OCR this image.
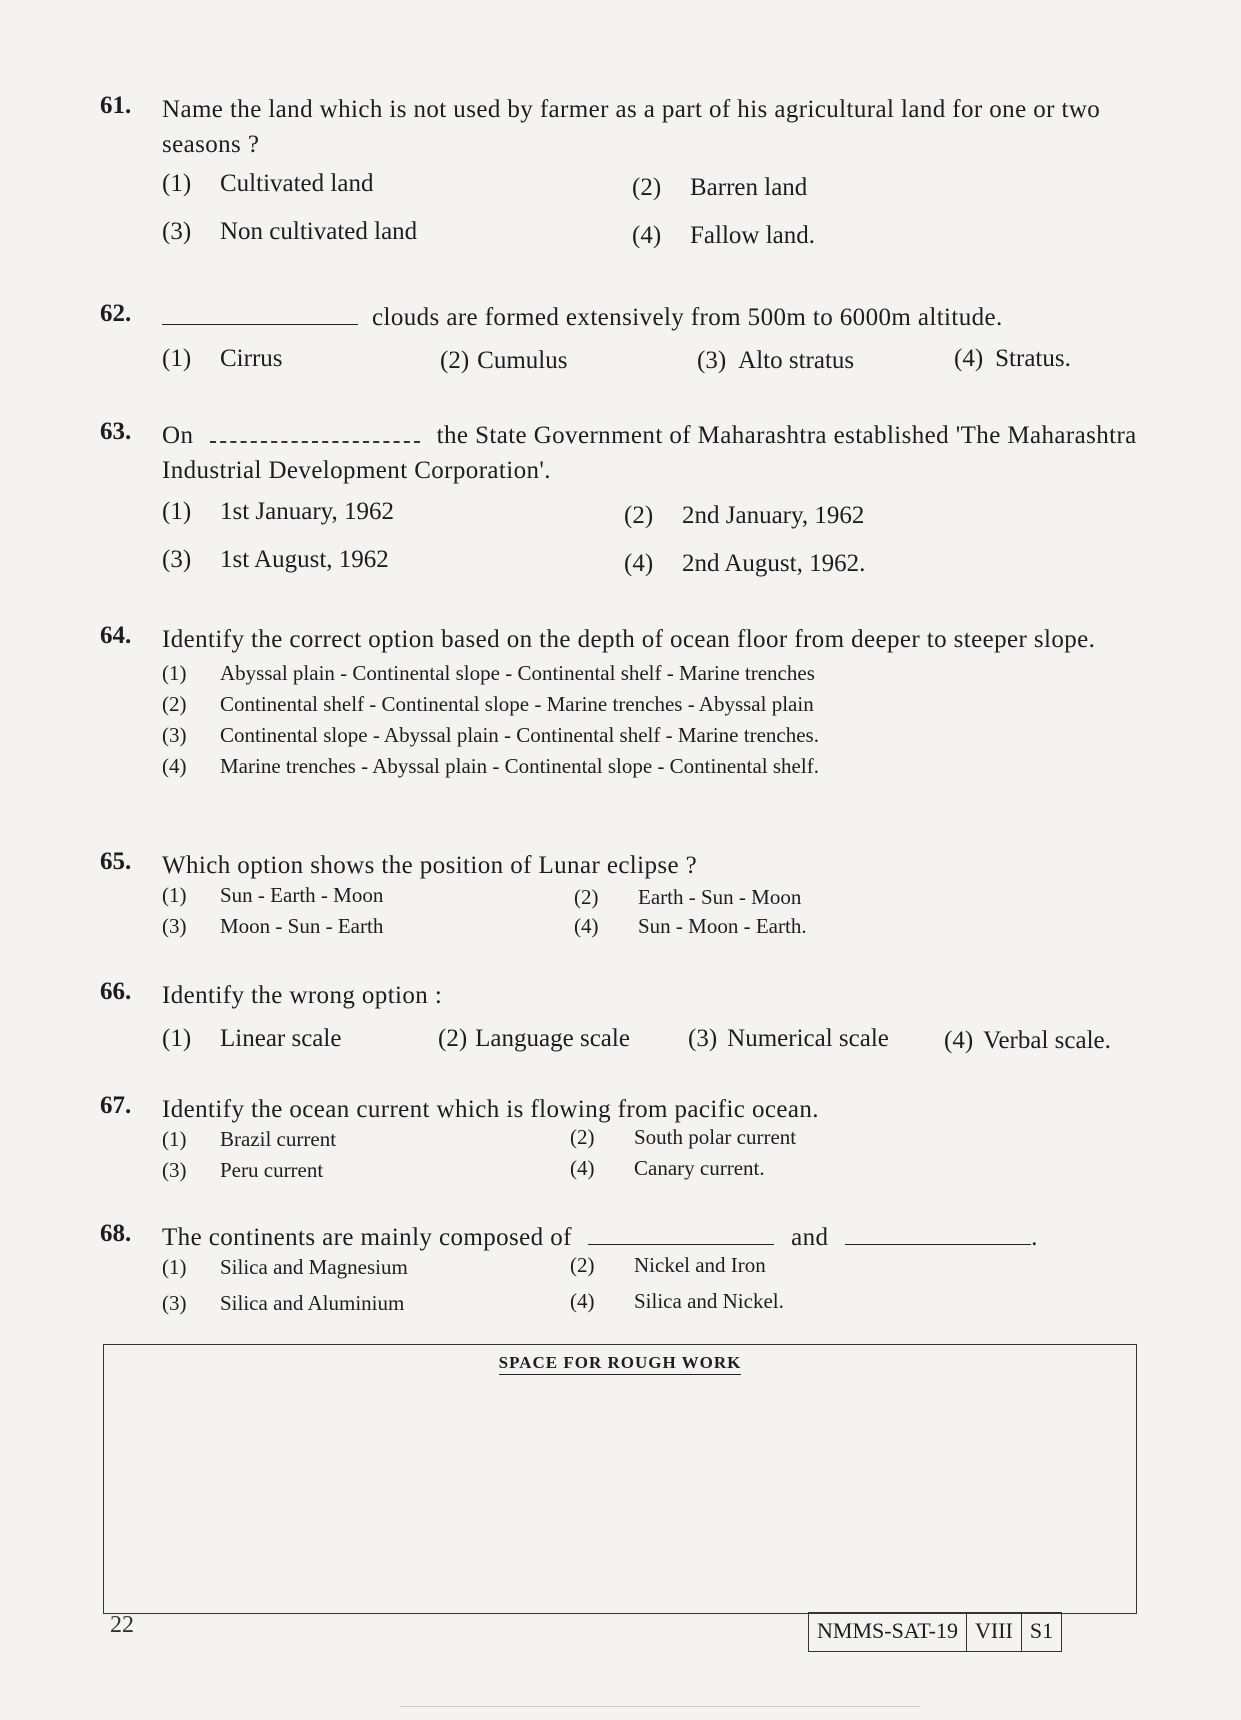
61. Name the land which is not used by farmer as a part of his agricultural land for one or two seasons ?
(1) Cultivated land	(2) Barren land
(3) Non cultivated land	(4) Fallow land.
62.	clouds are formed extensively from 500m to 6000m altitude.
(1) Cirrus	(2) Cumulus	(3) Alto stratus	(4) Stratus.
63. On	the State Government of Maharashtra established 'The Maharashtra Industrial Development Corporation'.
(1) 1st January, 1962	(2) 2nd January, 1962
(3) 1st August, 1962	(4) 2nd August, 1962.
64. Identify the correct option based on the depth of ocean floor from deeper to steeper slope.
(1) Abyssal plain - Continental slope - Continental shelf - Marine trenches
(2) Continental shelf - Continental slope - Marine trenches - Abyssal plain
(3) Continental slope - Abyssal plain - Continental shelf - Marine trenches.
(4) Marine trenches - Abyssal plain - Continental slope - Continental shelf.
65. Which option shows the position of Lunar eclipse ?
(1) Sun - Earth - Moon	(2) Earth - Sun - Moon
(3) Moon - Sun - Earth	(4) Sun - Moon - Earth.
66. Identify the wrong option :
(1) Linear scale	(2) Language scale (3) Numerical scale (4) Verbal scale.
67. Identify the ocean current which is flowing from pacific ocean.
(1) Brazil current	(2) South polar current
(3) Peru current	(4) Canary current.
68. The continents are mainly composed of	and	.
(1) Silica and Magnesium	(2) Nickel and Iron
(3) Silica and Aluminium	(4) Silica and Nickel.
SPACE FOR ROUGH WORK
22	NMMS-SAT-19 VIII S1
